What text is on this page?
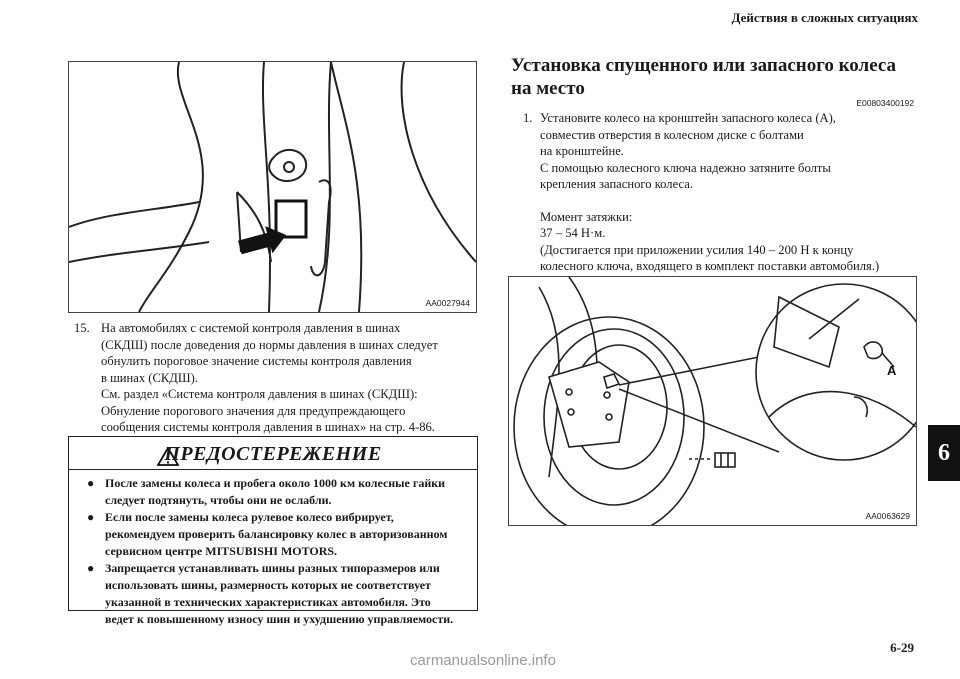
Действия в сложных ситуациях
AA0027944
15. На автомобилях с системой контроля давления в шинах
(СКДШ) после доведения до нормы давления в шинах следует
обнулить пороговое значение системы контроля давления
в шинах (СКДШ).
См. раздел «Система контроля давления в шинах (СКДШ):
Обнуление порогового значения для предупреждающего
сообщения системы контроля давления в шинах» на стр. 4-86.
ПРЕДОСТЕРЕЖЕНИЕ
● После замены колеса и пробега около 1000 км колесные гайки
следует подтянуть, чтобы они не ослабли.
● Если после замены колеса рулевое колесо вибрирует,
рекомендуем проверить балансировку колес в авторизованном
сервисном центре MITSUBISHI MOTORS.
● Запрещается устанавливать шины разных типоразмеров или
использовать шины, размерность которых не соответствует
указанной в технических характеристиках автомобиля. Это
ведет к повышенному износу шин и ухудшению управляемости.
Установка спущенного или запасного колеса
на место
E00803400192
1. Установите колесо на кронштейн запасного колеса (A),
совместив отверстия в колесном диске с болтами
на кронштейне.
С помощью колесного ключа надежно затяните болты
крепления запасного колеса.
Момент затяжки:
37 – 54 Н·м.
(Достигается при приложении усилия 140 – 200 Н к концу
колесного ключа, входящего в комплект поставки автомобиля.)
A
AA0063629
6
6-29
carmanualsonline.info
